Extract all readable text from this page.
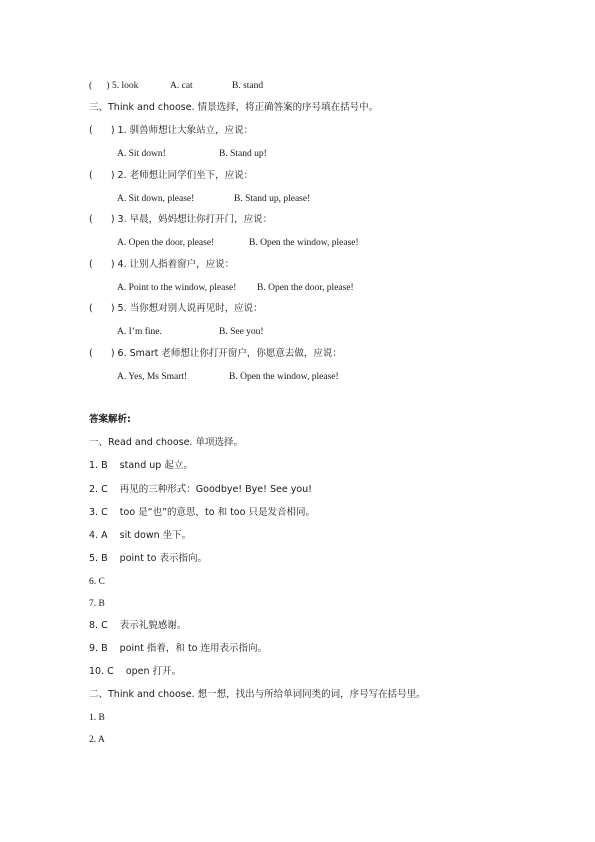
(      ) 5. look	A. cat	B. stand
三、Think and choose. 情景选择，将正确答案的序号填在括号中。
(      ) 1. 驯兽师想让大象站立，应说：
A. Sit down!	B. Stand up!
(      ) 2. 老师想让同学们坐下，应说：
A. Sit down, please!	B. Stand up, please!
(      ) 3. 早晨，妈妈想让你打开门，应说：
A. Open the door, please!	B. Open the window, please!
(      ) 4. 让别人指着窗户，应说：
A. Point to the window, please! B. Open the door, please!
(      ) 5. 当你想对别人说再见时，应说：
A. I’m fine.	B. See you!
(      ) 6. Smart 老师想让你打开窗户，你愿意去做，应说：
A. Yes, Ms Smart!	B. Open the window, please!
答案解析:
一、Read and choose. 单项选择。
1. B    stand up 起立。
2. C    再见的三种形式：Goodbye! Bye! See you!
3. C    too 是“也”的意思，to 和 too 只是发音相同。
4. A    sit down 坐下。
5. B    point to 表示指向。
6. C
7. B
8. C    表示礼貌感谢。
9. B    point 指着，和 to 连用表示指向。
10. C    open 打开。
二、Think and choose. 想一想，找出与所给单词同类的词，序号写在括号里。
1. B
2. A
